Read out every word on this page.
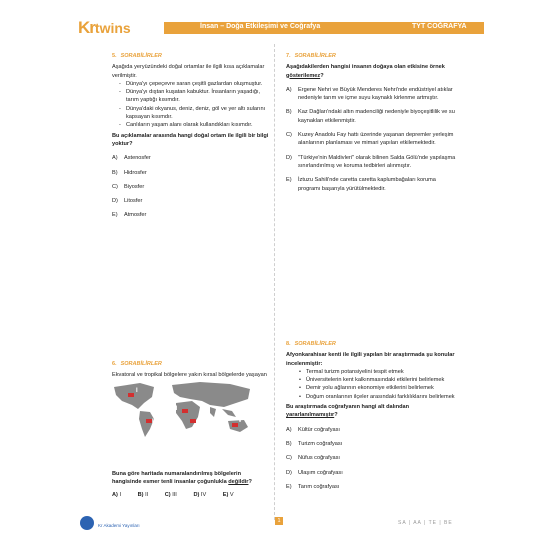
Krtwins	İnsan – Doğa Etkileşimi ve Coğrafya	TYT COĞRAFYA
5. SORABİLİRLER
Aşağıda yeryüzündeki doğal ortamlar ile ilgili kısa açıklamalar verilmiştir.
- Dünya'yı çepeçevre saran çeşitli gazlardan oluşmuştur.
- Dünya'yı dıştan kuşatan kabuktur. İnsanların yaşadığı, tarım yaptığı kısımdır.
- Dünya'daki okyanus, deniz, deniz, göl ve yer altı sularını kapsayan kısımdır.
- Canlıların yaşam alanı olarak kullandıkları kısımdır.
Bu açıklamalar arasında hangi doğal ortam ile ilgili bir bilgi yoktur?
A) Astenosfer
B) Hidrosfer
C) Biyosfer
D) Litosfer
E) Atmosfer
6. SORABİLİRLER
Ekvatoral ve tropikal bölgelere yakın kırsal bölgelerde yaşayan
I
II
III	IV	V
Buna göre haritada numaralandırılmış bölgelerin hangisinde esmer tenli insanlar çoğunlukla değildir?
A) I	B) II	C) III	D) IV	E) V
7. SORABİLİRLER
Aşağıdakilerden hangisi insanın doğaya olan etkisine örnek gösterilemez?
A)	Ergene Nehri ve Büyük Menderes Nehri'nde endüstriyel atıklar nedeniyle tarım ve içme suyu kaynaklı kirlenme artmıştır.
B)	Kaz Dağları'ndaki altın madenciliği nedeniyle biyoçeşitlilik ve su kaynakları etkilenmiştir.
C)	Kuzey Anadolu Fay hattı üzerinde yaşanan depremler yerleşim alanlarının planlaması ve mimari yapıları etkilemektedir.
D)	"Türkiye'nin Maldivleri" olarak bilinen Salda Gölü'nde yapılaşma sınırlandırılmış ve koruma tedbirleri alınmıştır.
E)	İztuzu Sahili'nde caretta caretta kaplumbağaları koruma programı başarıyla yürütülmektedir.
8. SORABİLİRLER
Afyonkarahisar kenti ile ilgili yapılan bir araştırmada şu konular incelenmiştir:
• Termal turizm potansiyelini tespit etmek
• Üniversitelerin kent kalkınmasındaki etkilerini belirlemek
• Demir yolu ağlarının ekonomiye etkilerini belirlemek
• Doğum oranlarının ilçeler arasındaki farklılıklarını belirlemek
Bu araştırmada coğrafyanın hangi alt dalından yararlanılmamıştır?
A) Kültür coğrafyası
B) Turizm coğrafyası
C) Nüfus coğrafyası
D) Ulaşım coğrafyası
E) Tarım coğrafyası
Kr Akademi Yayınları
1	SA | AA | TE | BE
